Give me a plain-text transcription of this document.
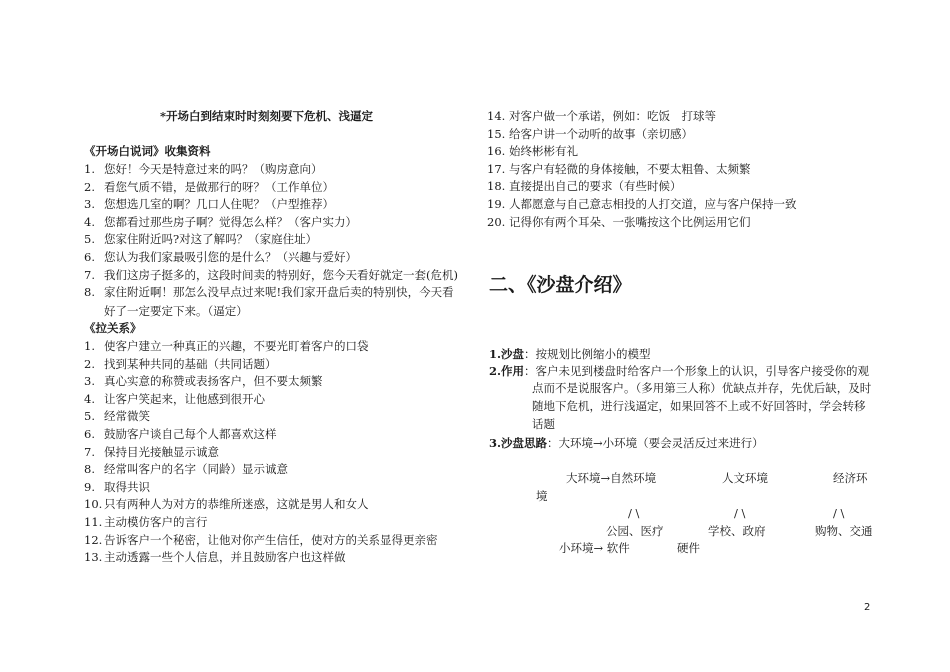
*开场白到结束时时刻刻要下危机、浅逼定
《开场白说词》收集资料
1. 您好！今天是特意过来的吗？（购房意向）
2. 看您气质不错，是做那行的呀？（工作单位）
3. 您想选几室的啊？几口人住呢？（户型推荐）
4. 您都看过那些房子啊？觉得怎么样？（客户实力）
5. 您家住附近吗?对这了解吗？（家庭住址）
6. 您认为我们家最吸引您的是什么？（兴趣与爱好）
7. 我们这房子挺多的，这段时间卖的特别好，您今天看好就定一套(危机)
8. 家住附近啊！那怎么没早点过来呢!我们家开盘后卖的特别快，今天看
好了一定要定下来。（逼定）
《拉关系》
1. 使客户建立一种真正的兴趣，不要光盯着客户的口袋
2. 找到某种共同的基础（共同话题）
3. 真心实意的称赞或表扬客户，但不要太频繁
4. 让客户笑起来，让他感到很开心
5. 经常微笑
6. 鼓励客户谈自己每个人都喜欢这样
7. 保持目光接触显示诚意
8. 经常叫客户的名字（同龄）显示诚意
9. 取得共识
10. 只有两种人为对方的恭维所迷惑，这就是男人和女人
11. 主动模仿客户的言行
12. 告诉客户一个秘密，让他对你产生信任，使对方的关系显得更亲密
13. 主动透露一些个人信息，并且鼓励客户也这样做
14. 对客户做一个承诺，例如：吃饭　打球等
15. 给客户讲一个动听的故事（亲切感）
16. 始终彬彬有礼
17. 与客户有轻微的身体接触，不要太粗鲁、太频繁
18. 直接提出自己的要求（有些时候）
19. 人都愿意与自己意志相投的人打交道，应与客户保持一致
20. 记得你有两个耳朵、一张嘴按这个比例运用它们
二、《沙盘介绍》
1.沙盘：按规划比例缩小的模型
2.作用：客户未见到楼盘时给客户一个形象上的认识，引导客户接受你的观
点而不是说服客户。（多用第三人称）优缺点并存，先优后缺，及时
随地下危机，进行浅逼定，如果回答不上或不好回答时，学会转移
话题
3.沙盘思路：大环境→小环境（要会灵活反过来进行）
大环境→自然环境	人文环境	经济环
境
/ \	/ \	/ \
公园、医疗	学校、政府	购物、交通
小环境→ 软件	硬件
2
